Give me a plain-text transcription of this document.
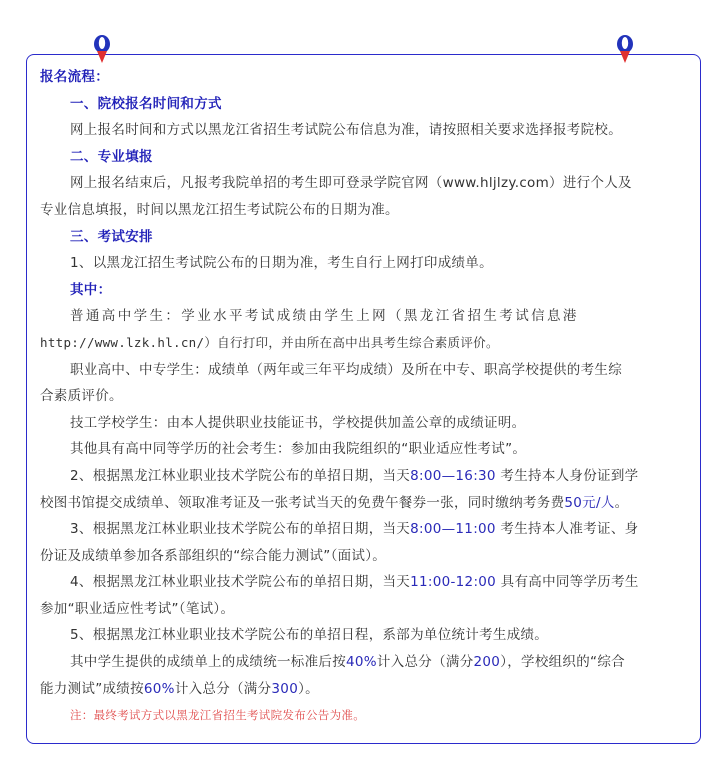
报名流程：
一、院校报名时间和方式
网上报名时间和方式以黑龙江省招生考试院公布信息为准，请按照相关要求选择报考院校。
二、专业填报
网上报名结束后，凡报考我院单招的考生即可登录学院官网（www.hljlzy.com）进行个人及
专业信息填报，时间以黑龙江招生考试院公布的日期为准。
三、考试安排
1、以黑龙江招生考试院公布的日期为准，考生自行上网打印成绩单。
其中：
普通高中学生：学业水平考试成绩由学生上网（黑龙江省招生考试信息港
http://www.lzk.hl.cn/）自行打印，并由所在高中出具考生综合素质评价。
职业高中、中专学生：成绩单（两年或三年平均成绩）及所在中专、职高学校提供的考生综
合素质评价。
技工学校学生：由本人提供职业技能证书，学校提供加盖公章的成绩证明。
其他具有高中同等学历的社会考生：参加由我院组织的“职业适应性考试”。
2、根据黑龙江林业职业技术学院公布的单招日期，当天8:00—16:30 考生持本人身份证到学
校图书馆提交成绩单、领取准考证及一张考试当天的免费午餐券一张，同时缴纳考务费50元/人。
3、根据黑龙江林业职业技术学院公布的单招日期，当天8:00—11:00 考生持本人准考证、身
份证及成绩单参加各系部组织的“综合能力测试”（面试）。
4、根据黑龙江林业职业技术学院公布的单招日期，当天11:00-12:00 具有高中同等学历考生
参加“职业适应性考试”（笔试）。
5、根据黑龙江林业职业技术学院公布的单招日程，系部为单位统计考生成绩。
其中学生提供的成绩单上的成绩统一标准后按40%计入总分（满分200），学校组织的“综合
能力测试”成绩按60%计入总分（满分300）。
注：最终考试方式以黑龙江省招生考试院发布公告为准。
